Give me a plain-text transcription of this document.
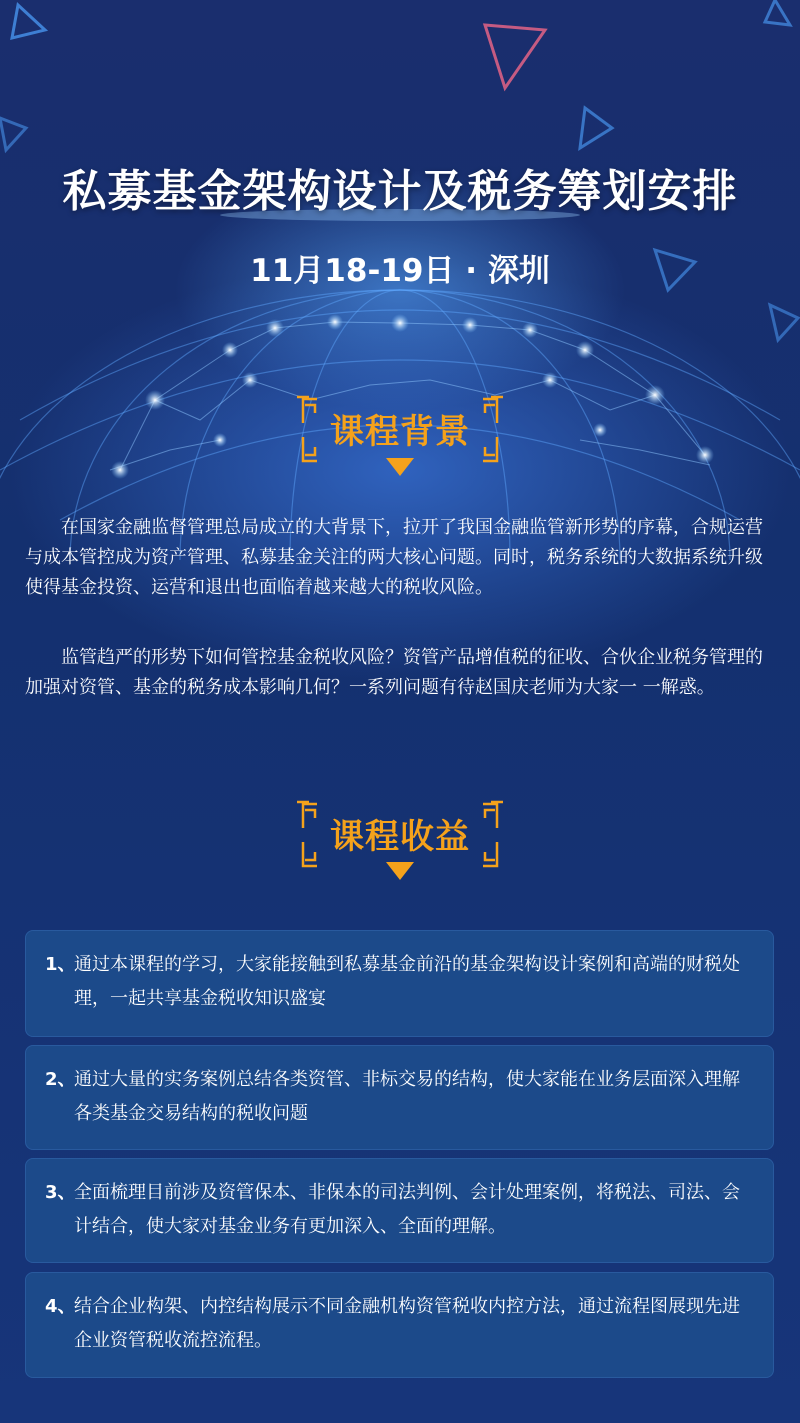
私募基金架构设计及税务筹划安排
11月18-19日 · 深圳
课程背景

在国家金融监督管理总局成立的大背景下，拉开了我国金融监管新形势的序幕，合规运营与成本管控成为资产管理、私募基金关注的两大核心问题。同时，税务系统的大数据系统升级使得基金投资、运营和退出也面临着越来越大的税收风险。

监管趋严的形势下如何管控基金税收风险？资管产品增值税的征收、合伙企业税务管理的加强对资管、基金的税务成本影响几何？一系列问题有待赵国庆老师为大家一 一解惑。

课程收益
1、
通过本课程的学习，大家能接触到私募基金前沿的基金架构设计案例和高端的财税处理，一起共享基金税收知识盛宴
2、
通过大量的实务案例总结各类资管、非标交易的结构，使大家能在业务层面深入理解各类基金交易结构的税收问题
3、
全面梳理目前涉及资管保本、非保本的司法判例、会计处理案例，将税法、司法、会计结合，使大家对基金业务有更加深入、全面的理解。
4、
结合企业构架、内控结构展示不同金融机构资管税收内控方法，通过流程图展现先进企业资管税收流控流程。
